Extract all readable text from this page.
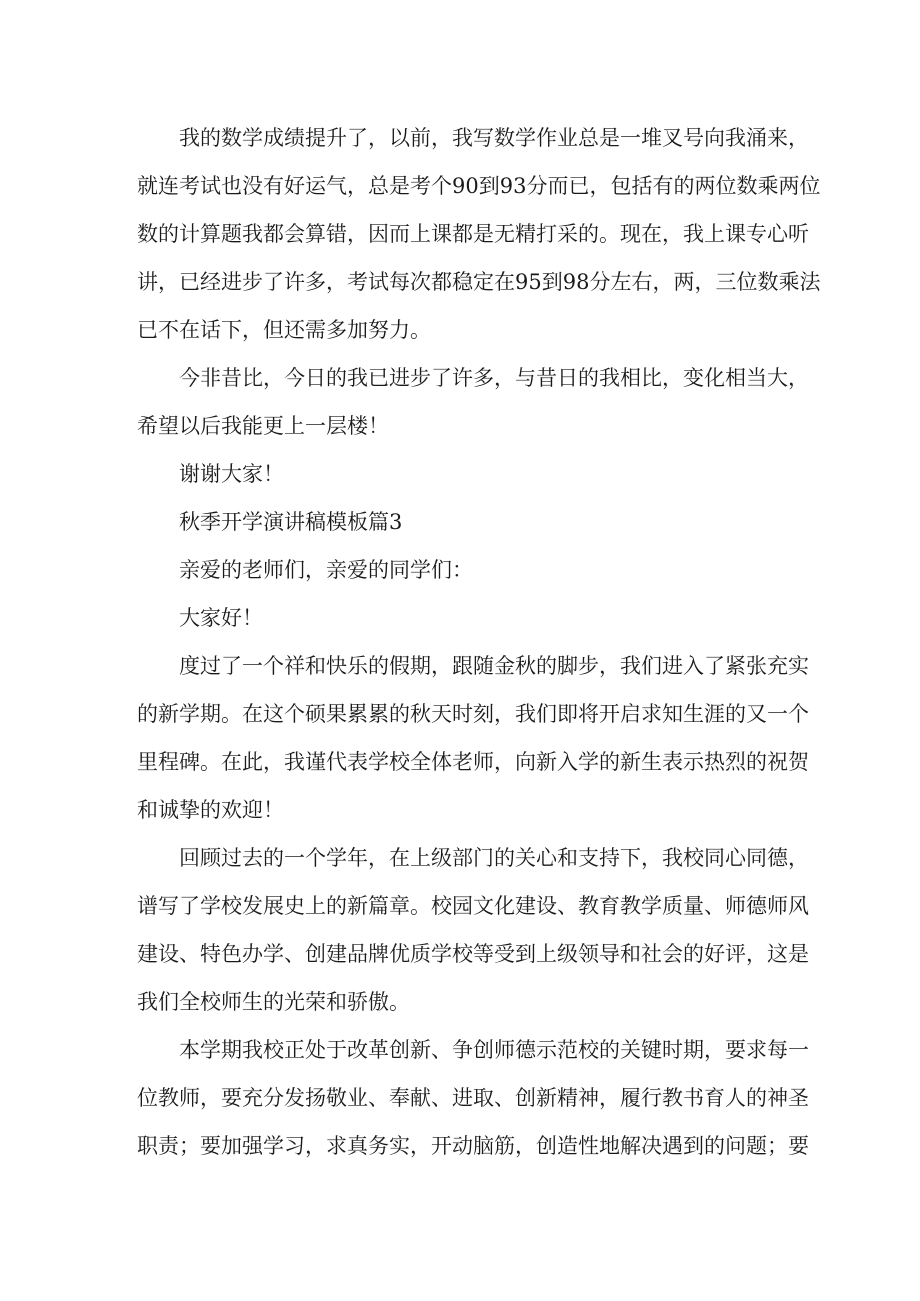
我的数学成绩提升了，以前，我写数学作业总是一堆叉号向我涌来，
就连考试也没有好运气，总是考个90到93分而已，包括有的两位数乘两位
数的计算题我都会算错，因而上课都是无精打采的。现在，我上课专心听
讲，已经进步了许多，考试每次都稳定在95到98分左右，两，三位数乘法
已不在话下，但还需多加努力。
今非昔比，今日的我已进步了许多，与昔日的我相比，变化相当大，
希望以后我能更上一层楼！
谢谢大家！
秋季开学演讲稿模板篇3
亲爱的老师们，亲爱的同学们：
大家好！
度过了一个祥和快乐的假期，跟随金秋的脚步，我们进入了紧张充实
的新学期。在这个硕果累累的秋天时刻，我们即将开启求知生涯的又一个
里程碑。在此，我谨代表学校全体老师，向新入学的新生表示热烈的祝贺
和诚挚的欢迎！
回顾过去的一个学年，在上级部门的关心和支持下，我校同心同德，
谱写了学校发展史上的新篇章。校园文化建设、教育教学质量、师德师风
建设、特色办学、创建品牌优质学校等受到上级领导和社会的好评，这是
我们全校师生的光荣和骄傲。
本学期我校正处于改革创新、争创师德示范校的关键时期，要求每一
位教师，要充分发扬敬业、奉献、进取、创新精神，履行教书育人的神圣
职责；要加强学习，求真务实，开动脑筋，创造性地解决遇到的问题；要
